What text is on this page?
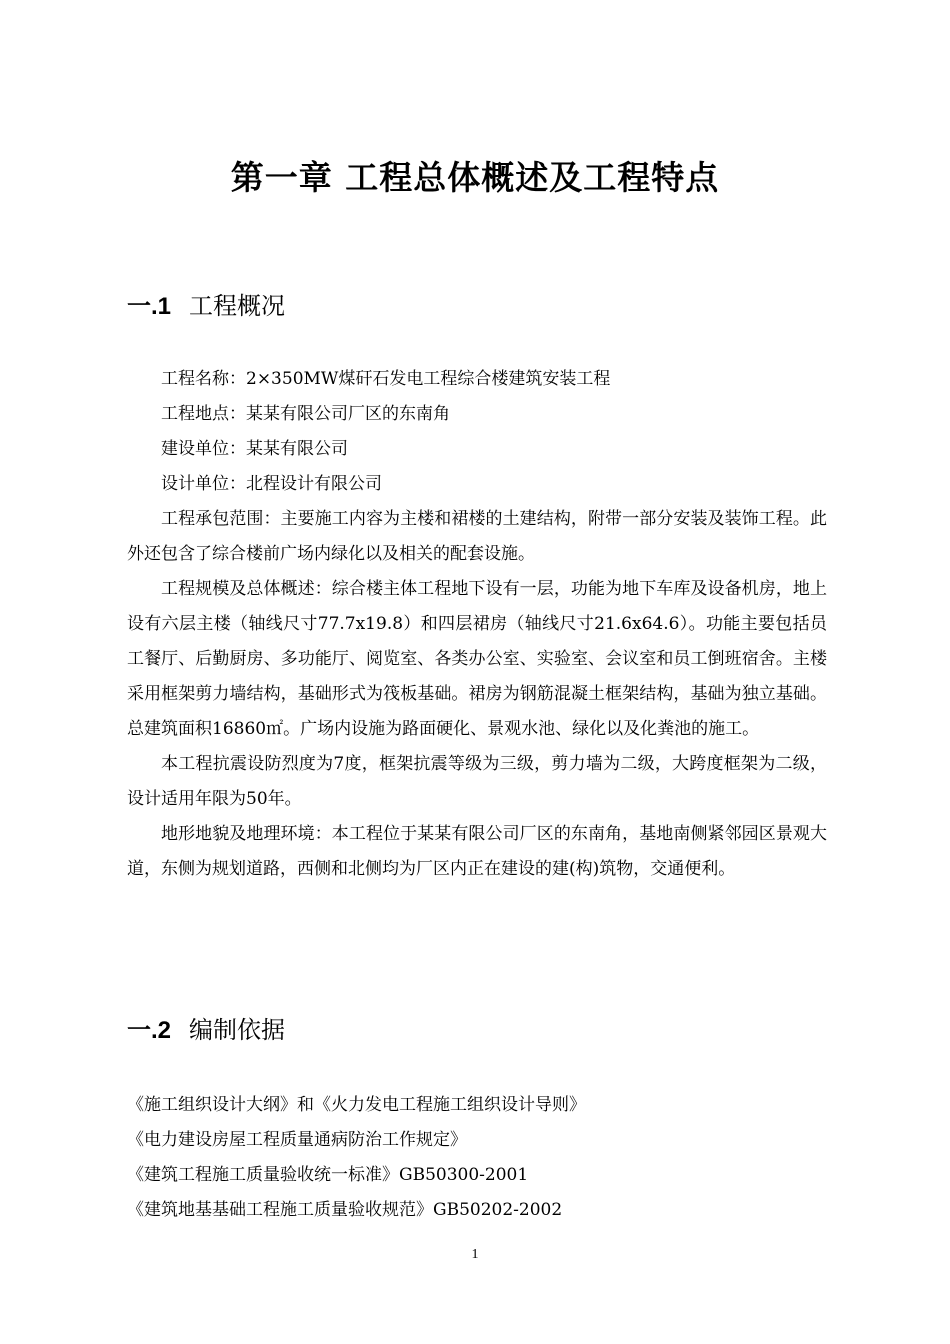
第一章 工程总体概述及工程特点
一.1 工程概况

工程名称：2×350MW煤矸石发电工程综合楼建筑安装工程

工程地点：某某有限公司厂区的东南角

建设单位：某某有限公司

设计单位：北程设计有限公司

工程承包范围：主要施工内容为主楼和裙楼的土建结构，附带一部分安装及装饰工程。此外还包含了综合楼前广场内绿化以及相关的配套设施。

工程规模及总体概述：综合楼主体工程地下设有一层，功能为地下车库及设备机房，地上设有六层主楼（轴线尺寸77.7x19.8）和四层裙房（轴线尺寸21.6x64.6）。功能主要包括员工餐厅、后勤厨房、多功能厅、阅览室、各类办公室、实验室、会议室和员工倒班宿舍。主楼采用框架剪力墙结构，基础形式为筏板基础。裙房为钢筋混凝土框架结构，基础为独立基础。总建筑面积16860㎡。广场内设施为路面硬化、景观水池、绿化以及化粪池的施工。

本工程抗震设防烈度为7度，框架抗震等级为三级，剪力墙为二级，大跨度框架为二级，设计适用年限为50年。

地形地貌及地理环境：本工程位于某某有限公司厂区的东南角，基地南侧紧邻园区景观大道，东侧为规划道路，西侧和北侧均为厂区内正在建设的建(构)筑物，交通便利。

一.2 编制依据
《施工组织设计大纲》和《火力发电工程施工组织设计导则》
《电力建设房屋工程质量通病防治工作规定》
《建筑工程施工质量验收统一标准》GB50300-2001
《建筑地基基础工程施工质量验收规范》GB50202-2002
1
